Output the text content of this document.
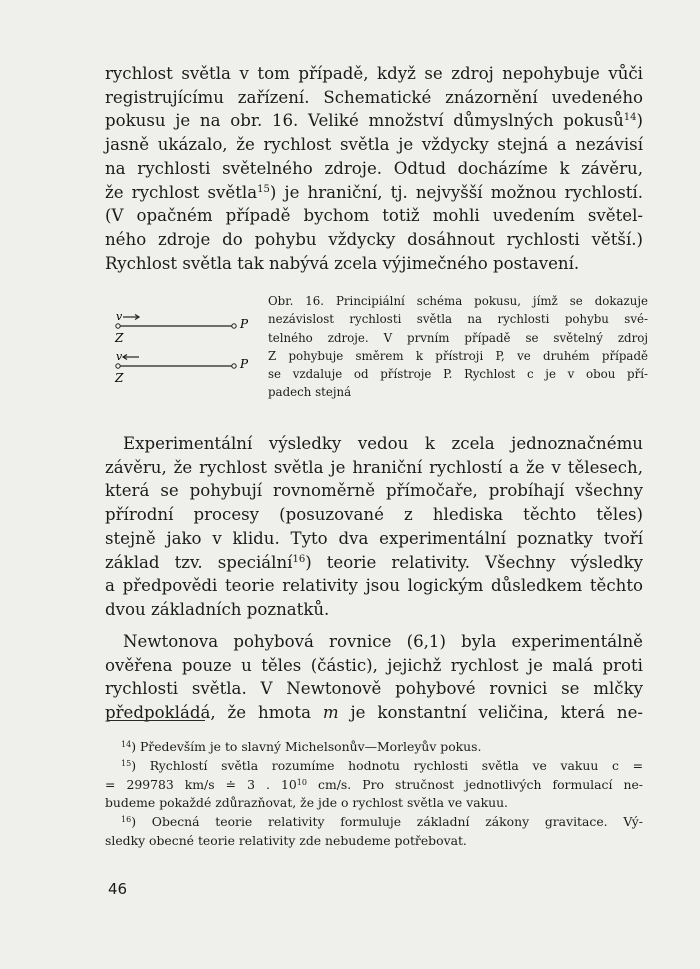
rychlost světla v tom případě, když se zdroj nepohybuje vůči
registrujícímu zařízení. Schematické znázornění uvedeného
pokusu je na obr. 16. Veliké množství důmyslných pokusů$^{14}$)
jasně ukázalo, že rychlost světla je vždycky stejná a nezávisí
na rychlosti světelného zdroje. Odtud docházíme k závěru,
že rychlost světla$^{15}$) je hraniční, tj. nejvyšší možnou rychlostí.
(V opačném případě bychom totiž mohli uvedením světel-
ného zdroje do pohybu vždycky dosáhnout rychlosti větší.)
Rychlost světla tak nabývá zcela výjimečného postavení.
v
P
Z
v
P
Z
Obr. 16. Principiální schéma pokusu, jímž se dokazuje
nezávislost rychlosti světla na rychlosti pohybu své-
telného zdroje. V prvním případě se světelný zdroj
Z pohybuje směrem k přístroji P, ve druhém případě
se vzdaluje od přístroje P. Rychlost c je v obou pří-
padech stejná
Experimentální výsledky vedou k zcela jednoznačnému
závěru, že rychlost světla je hraniční rychlostí a že v tělesech,
která se pohybují rovnoměrně přímočaře, probíhají všechny
přírodní procesy (posuzované z hlediska těchto těles)
stejně jako v klidu. Tyto dva experimentální poznatky tvoří
základ tzv. speciální$^{16}$) teorie relativity. Všechny výsledky
a předpovědi teorie relativity jsou logickým důsledkem těchto
dvou základních poznatků.
Newtonova pohybová rovnice (6,1) byla experimentálně
ověřena pouze u těles (částic), jejichž rychlost je malá proti
rychlosti světla. V Newtonově pohybové rovnici se mlčky
předpokládá, že hmota m je konstantní veličina, která ne-
$^{14}$) Především je to slavný Michelsonův—Morleyův pokus.
$^{15}$) Rychlostí světla rozumíme hodnotu rychlosti světla ve vakuu c =
= 299783 km/s ≐ 3 . $10^{10}$ cm/s. Pro stručnost jednotlivých formulací ne-
budeme pokaždé zdůrazňovat, že jde o rychlost světla ve vakuu.
$^{16}$) Obecná teorie relativity formuluje základní zákony gravitace. Vý-
sledky obecné teorie relativity zde nebudeme potřebovat.
46
